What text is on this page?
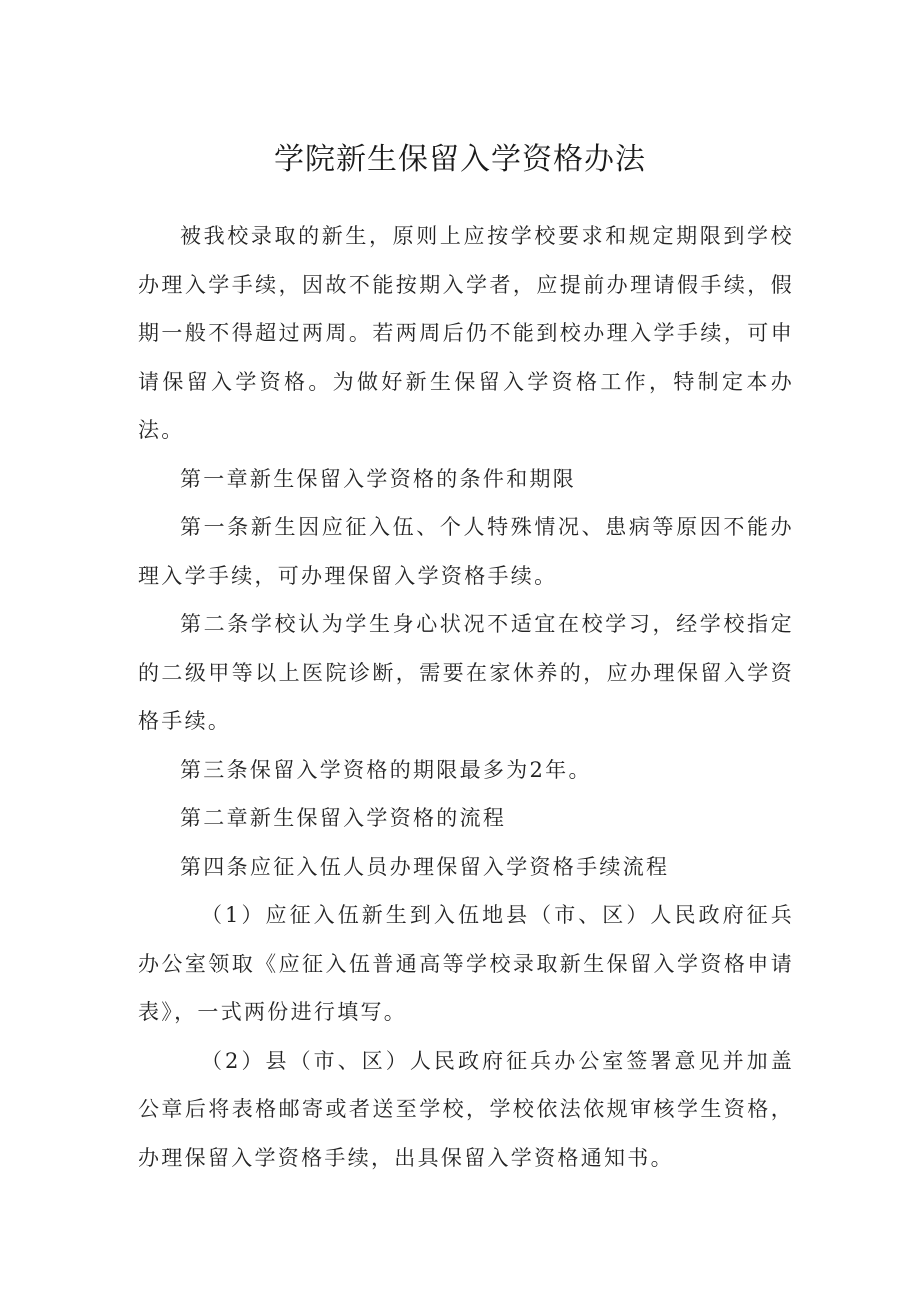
学院新生保留入学资格办法

被我校录取的新生，原则上应按学校要求和规定期限到学校办理入学手续，因故不能按期入学者，应提前办理请假手续，假期一般不得超过两周。若两周后仍不能到校办理入学手续，可申请保留入学资格。为做好新生保留入学资格工作，特制定本办法。

第一章新生保留入学资格的条件和期限

第一条新生因应征入伍、个人特殊情况、患病等原因不能办理入学手续，可办理保留入学资格手续。

第二条学校认为学生身心状况不适宜在校学习，经学校指定的二级甲等以上医院诊断，需要在家休养的，应办理保留入学资格手续。

第三条保留入学资格的期限最多为2年。

第二章新生保留入学资格的流程

第四条应征入伍人员办理保留入学资格手续流程

（1）应征入伍新生到入伍地县（市、区）人民政府征兵办公室领取《应征入伍普通高等学校录取新生保留入学资格申请表》，一式两份进行填写。

（2）县（市、区）人民政府征兵办公室签署意见并加盖公章后将表格邮寄或者送至学校，学校依法依规审核学生资格，办理保留入学资格手续，出具保留入学资格通知书。
